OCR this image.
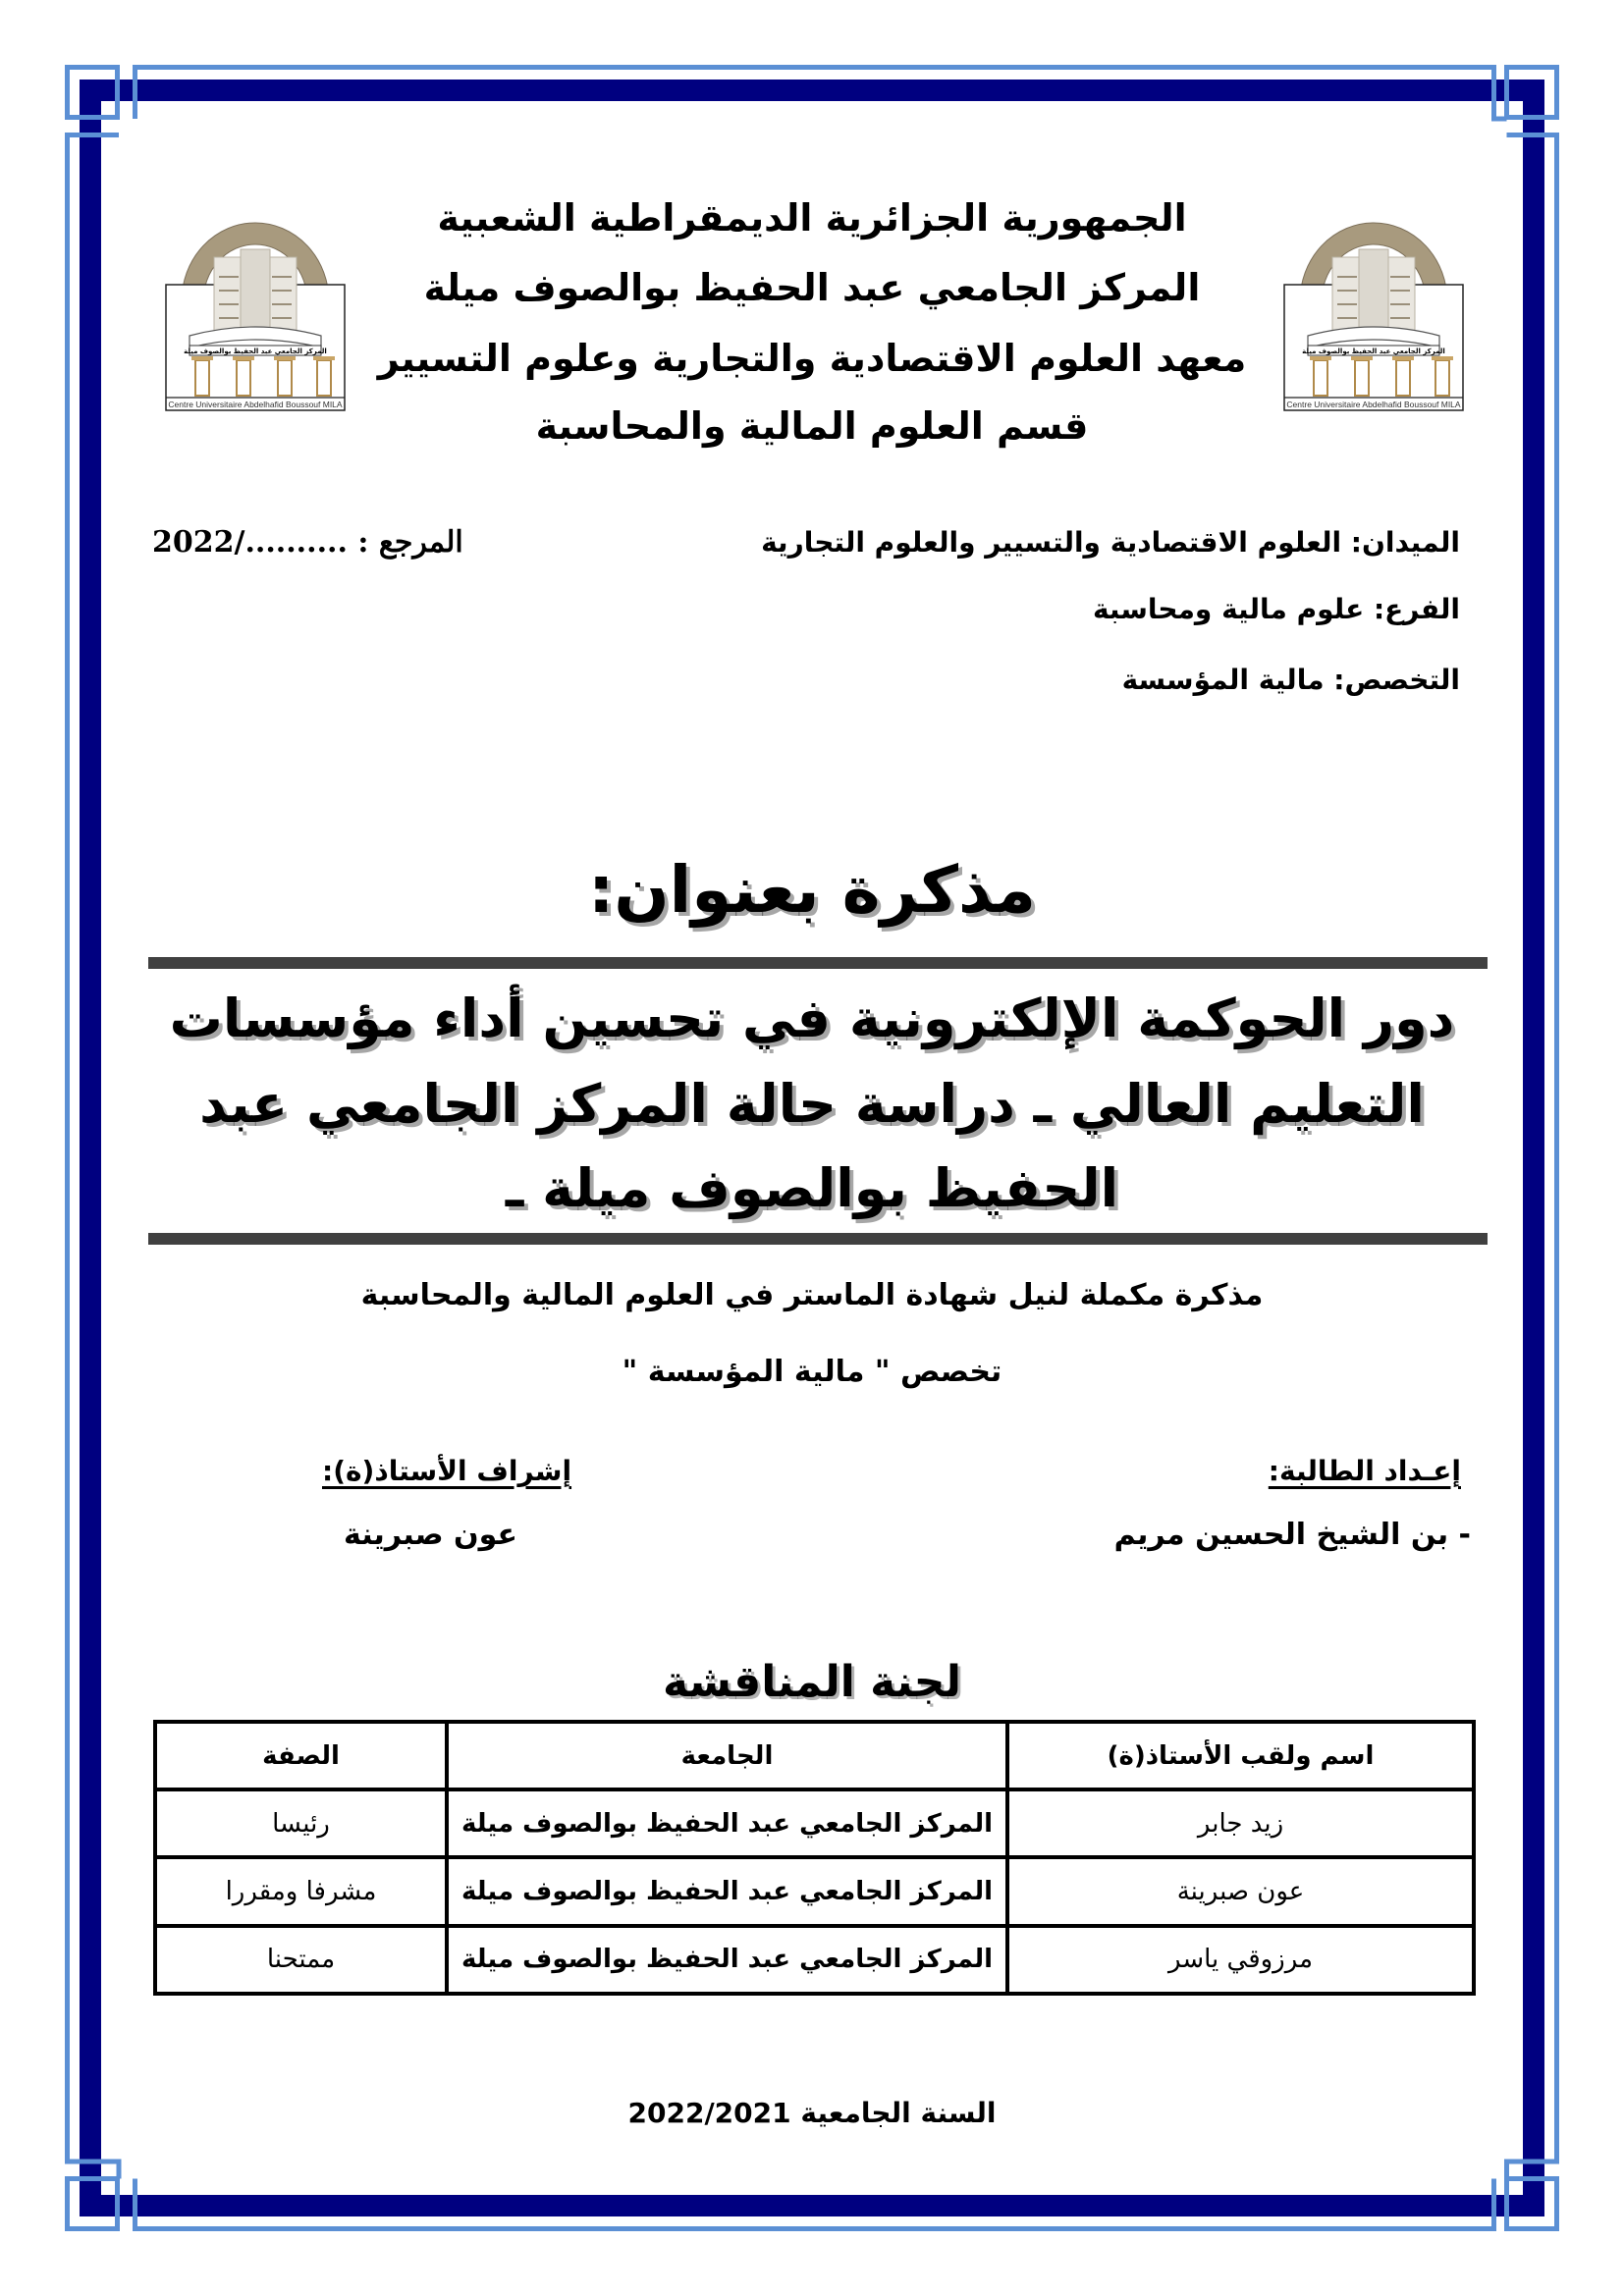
المركز الجامعي عبد الحفيظ بوالصوف ميلة
Centre Universitaire Abdelhafid Boussouf MILA
المركز الجامعي عبد الحفيظ بوالصوف ميلة
Centre Universitaire Abdelhafid Boussouf MILA
الجمهورية الجزائرية الديمقراطية الشعبية
المركز الجامعي عبد الحفيظ بوالصوف ميلة
معهد العلوم الاقتصادية والتجارية وعلوم التسيير
قسم العلوم المالية والمحاسبة
الميدان: العلوم الاقتصادية والتسيير والعلوم التجارية
الفرع: علوم مالية ومحاسبة
التخصص: مالية المؤسسة
المرجع : ........../2022
مذكرة بعنوان:
دور الحوكمة الإلكترونية في تحسين أداء مؤسسات
التعليم العالي ـ دراسة حالة المركز الجامعي عبد
الحفيظ بوالصوف ميلة ـ
مذكرة مكملة لنيل شهادة الماستر في العلوم المالية والمحاسبة
تخصص " مالية المؤسسة "
إعـداد الطالبة:
- بن الشيخ الحسين مريم
إشراف الأستاذ(ة):
عون صبرينة
لجنة المناقشة
اسم ولقب الأستاذ(ة)	الجامعة	الصفة
زيد جابر	المركز الجامعي عبد الحفيظ بوالصوف ميلة	رئيسا
عون صبرينة	المركز الجامعي عبد الحفيظ بوالصوف ميلة	مشرفا ومقررا
مرزوقي ياسر	المركز الجامعي عبد الحفيظ بوالصوف ميلة	ممتحنا
السنة الجامعية 2022/2021
